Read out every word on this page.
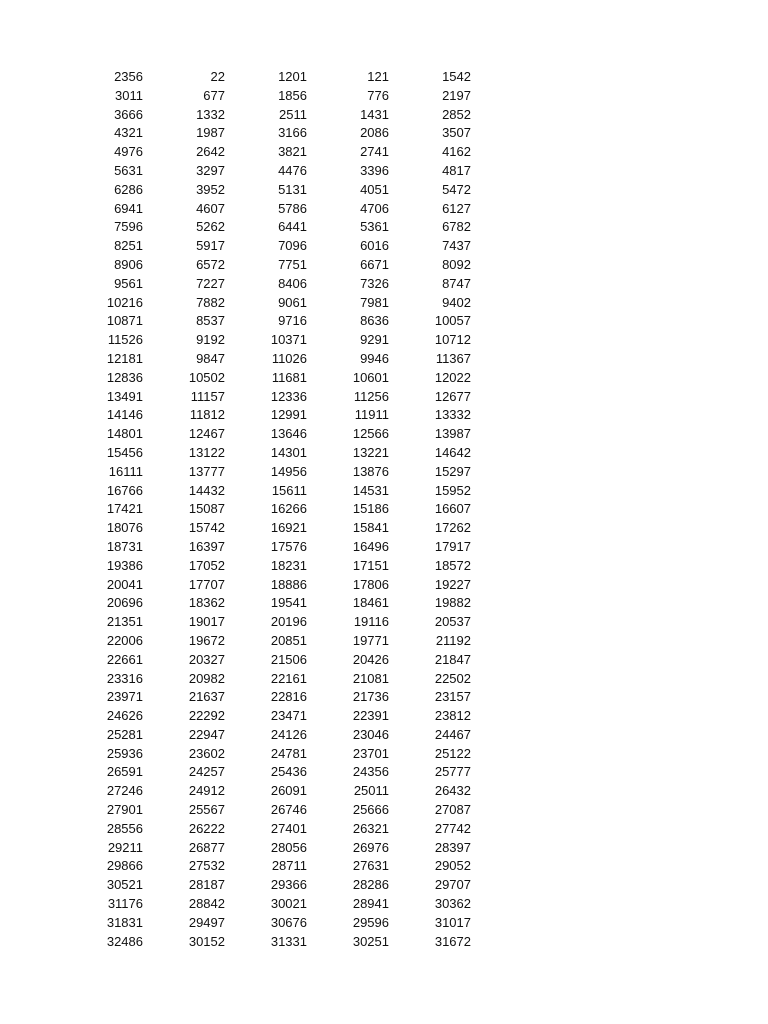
2356	22	1201	121	1542
3011	677	1856	776	2197
3666	1332	2511	1431	2852
4321	1987	3166	2086	3507
4976	2642	3821	2741	4162
5631	3297	4476	3396	4817
6286	3952	5131	4051	5472
6941	4607	5786	4706	6127
7596	5262	6441	5361	6782
8251	5917	7096	6016	7437
8906	6572	7751	6671	8092
9561	7227	8406	7326	8747
10216	7882	9061	7981	9402
10871	8537	9716	8636	10057
11526	9192	10371	9291	10712
12181	9847	11026	9946	11367
12836	10502	11681	10601	12022
13491	11157	12336	11256	12677
14146	11812	12991	11911	13332
14801	12467	13646	12566	13987
15456	13122	14301	13221	14642
16111	13777	14956	13876	15297
16766	14432	15611	14531	15952
17421	15087	16266	15186	16607
18076	15742	16921	15841	17262
18731	16397	17576	16496	17917
19386	17052	18231	17151	18572
20041	17707	18886	17806	19227
20696	18362	19541	18461	19882
21351	19017	20196	19116	20537
22006	19672	20851	19771	21192
22661	20327	21506	20426	21847
23316	20982	22161	21081	22502
23971	21637	22816	21736	23157
24626	22292	23471	22391	23812
25281	22947	24126	23046	24467
25936	23602	24781	23701	25122
26591	24257	25436	24356	25777
27246	24912	26091	25011	26432
27901	25567	26746	25666	27087
28556	26222	27401	26321	27742
29211	26877	28056	26976	28397
29866	27532	28711	27631	29052
30521	28187	29366	28286	29707
31176	28842	30021	28941	30362
31831	29497	30676	29596	31017
32486	30152	31331	30251	31672
